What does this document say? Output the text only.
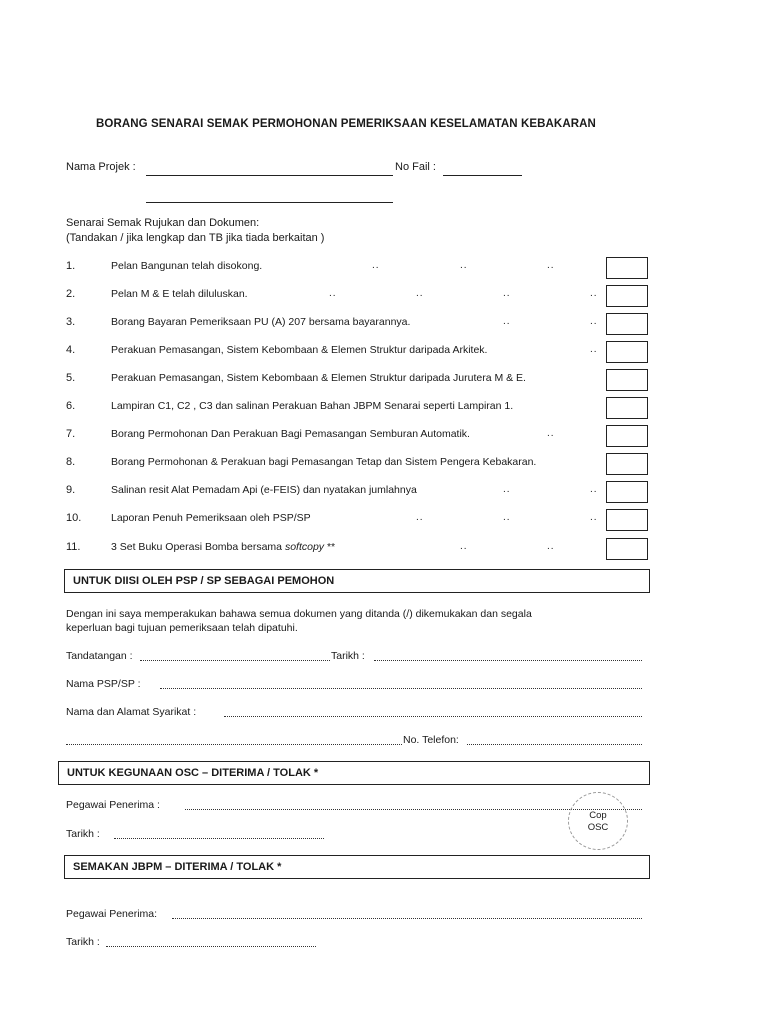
BORANG SENARAI SEMAK PERMOHONAN PEMERIKSAAN KESELAMATAN KEBAKARAN
Nama Projek :	No Fail :
Senarai Semak Rujukan dan Dokumen:
(Tandakan / jika lengkap dan TB jika tiada berkaitan )
1.	Pelan Bangunan telah disokong.	..	..	..
2.	Pelan M & E telah diluluskan.	..	..	..	..
3.	Borang Bayaran Pemeriksaan PU (A) 207 bersama bayarannya.	..	..
4.	Perakuan Pemasangan, Sistem Kebombaan & Elemen Struktur daripada Arkitek.	..
5.	Perakuan Pemasangan, Sistem Kebombaan & Elemen Struktur daripada Jurutera M & E.
6.	Lampiran C1, C2 , C3 dan salinan Perakuan Bahan JBPM Senarai seperti Lampiran 1.
7.	Borang Permohonan Dan Perakuan Bagi Pemasangan Semburan Automatik.	..
8.	Borang Permohonan & Perakuan bagi Pemasangan Tetap dan Sistem Pengera Kebakaran.
9.	Salinan resit Alat Pemadam Api (e-FEIS) dan nyatakan jumlahnya	..	..
10.	Laporan Penuh Pemeriksaan oleh PSP/SP	..	..	..
11.	3 Set Buku Operasi Bomba bersama softcopy **	..	..
UNTUK DIISI OLEH PSP / SP SEBAGAI PEMOHON
Dengan ini saya memperakukan bahawa semua dokumen yang ditanda (/) dikemukakan dan segala
keperluan bagi tujuan pemeriksaan telah dipatuhi.
Tandatangan :	Tarikh :
Nama PSP/SP :
Nama dan Alamat Syarikat :
No. Telefon:
UNTUK KEGUNAAN OSC – DITERIMA / TOLAK *
Pegawai Penerima :
Tarikh :
Cop
OSC
SEMAKAN JBPM – DITERIMA / TOLAK *
Pegawai Penerima:
Tarikh :
